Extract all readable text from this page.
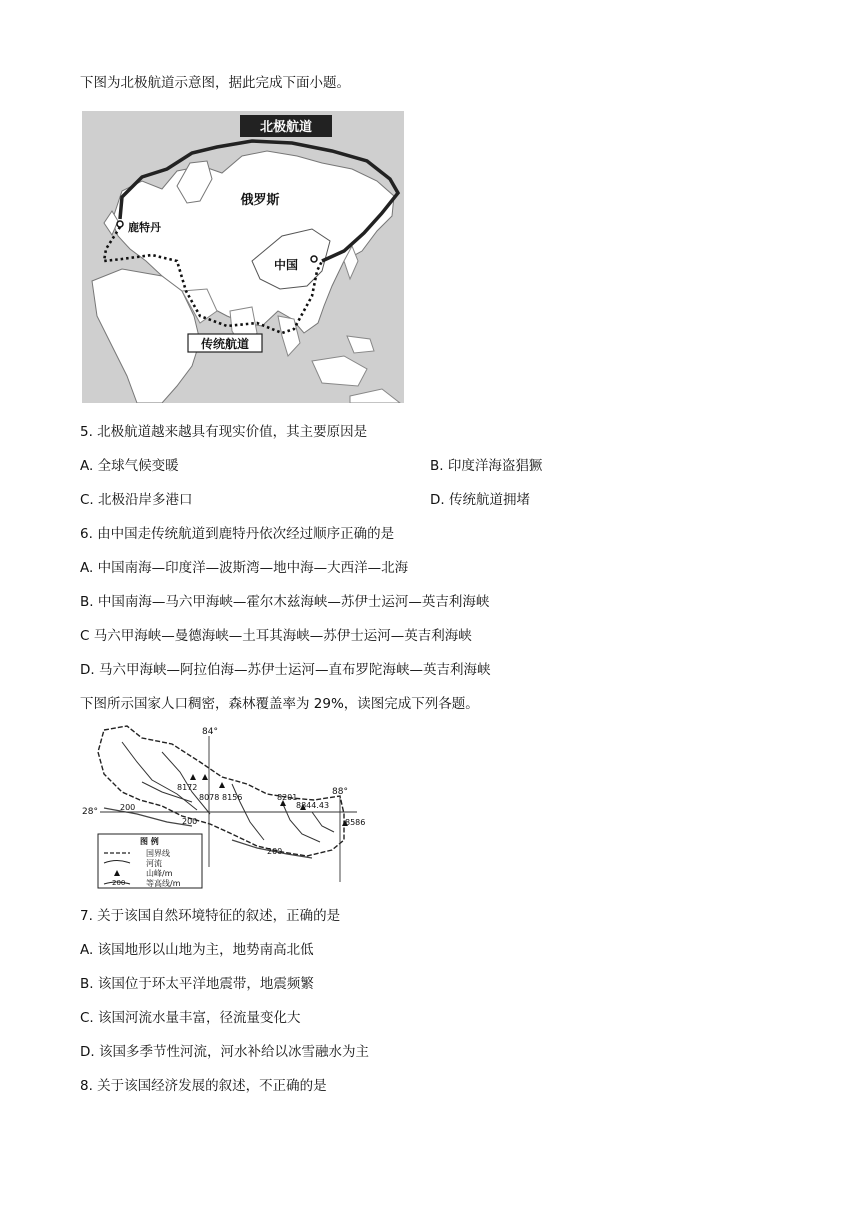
下图为北极航道示意图，据此完成下面小题。
北极航道
俄罗斯
鹿特丹
中国
传统航道
5. 北极航道越来越具有现实价值，其主要原因是
A. 全球气候变暖	B. 印度洋海盗猖獗
C. 北极沿岸多港口	D. 传统航道拥堵
6. 由中国走传统航道到鹿特丹依次经过顺序正确的是
A. 中国南海—印度洋—波斯湾—地中海—大西洋—北海
B. 中国南海—马六甲海峡—霍尔木兹海峡—苏伊士运河—英吉利海峡
C 马六甲海峡—曼德海峡—土耳其海峡—苏伊士运河—英吉利海峡
D. 马六甲海峡—阿拉伯海—苏伊士运河—直布罗陀海峡—英吉利海峡
下图所示国家人口稠密，森林覆盖率为 29%，读图完成下列各题。
84°
88°
28°
8172
8078 8156	8201
8844.43
8586
200
200
200
图 例
国界线
河流
山峰/m
200	等高线/m
7. 关于该国自然环境特征的叙述，正确的是
A. 该国地形以山地为主，地势南高北低
B. 该国位于环太平洋地震带，地震频繁
C. 该国河流水量丰富，径流量变化大
D. 该国多季节性河流，河水补给以冰雪融水为主
8. 关于该国经济发展的叙述，不正确的是
